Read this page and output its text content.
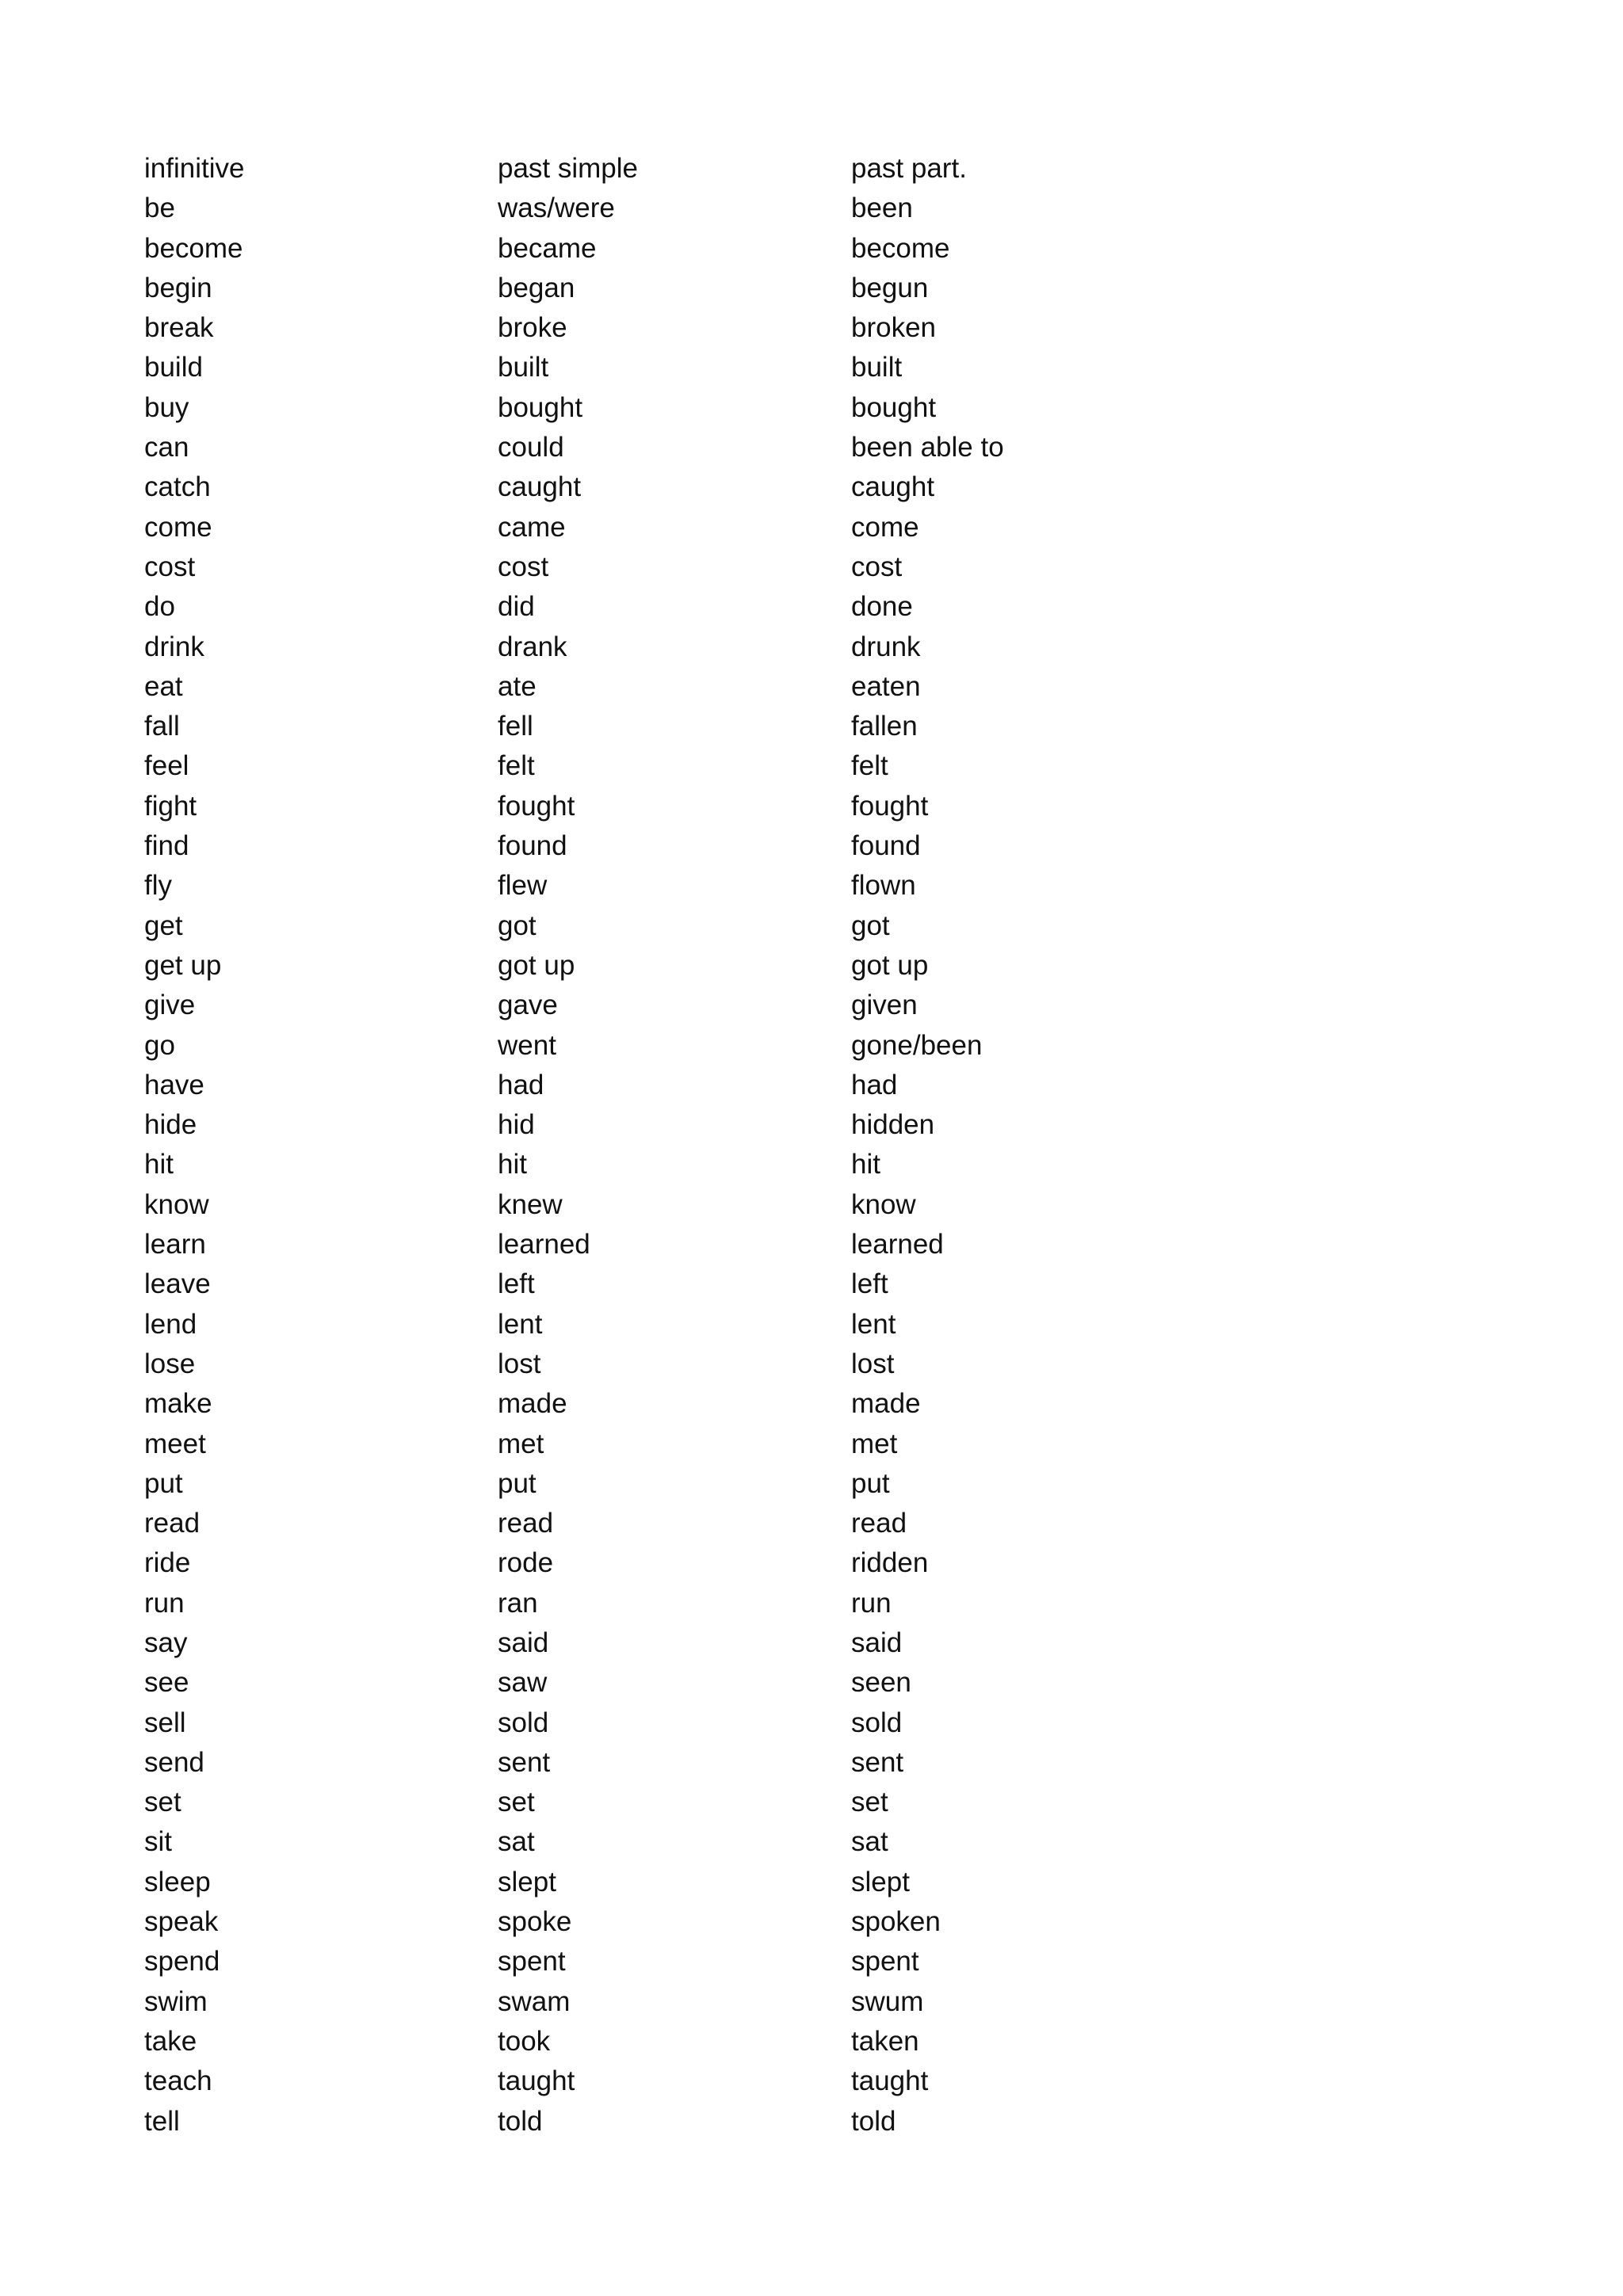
infinitive	past simple	past part.
be	was/were	been
become	became	become
begin	began	begun
break	broke	broken
build	built	built
buy	bought	bought
can	could	been able to
catch	caught	caught
come	came	come
cost	cost	cost
do	did	done
drink	drank	drunk
eat	ate	eaten
fall	fell	fallen
feel	felt	felt
fight	fought	fought
find	found	found
fly	flew	flown
get	got	got
get up	got up	got up
give	gave	given
go	went	gone/been
have	had	had
hide	hid	hidden
hit	hit	hit
know	knew	know
learn	learned	learned
leave	left	left
lend	lent	lent
lose	lost	lost
make	made	made
meet	met	met
put	put	put
read	read	read
ride	rode	ridden
run	ran	run
say	said	said
see	saw	seen
sell	sold	sold
send	sent	sent
set	set	set
sit	sat	sat
sleep	slept	slept
speak	spoke	spoken
spend	spent	spent
swim	swam	swum
take	took	taken
teach	taught	taught
tell	told	told
